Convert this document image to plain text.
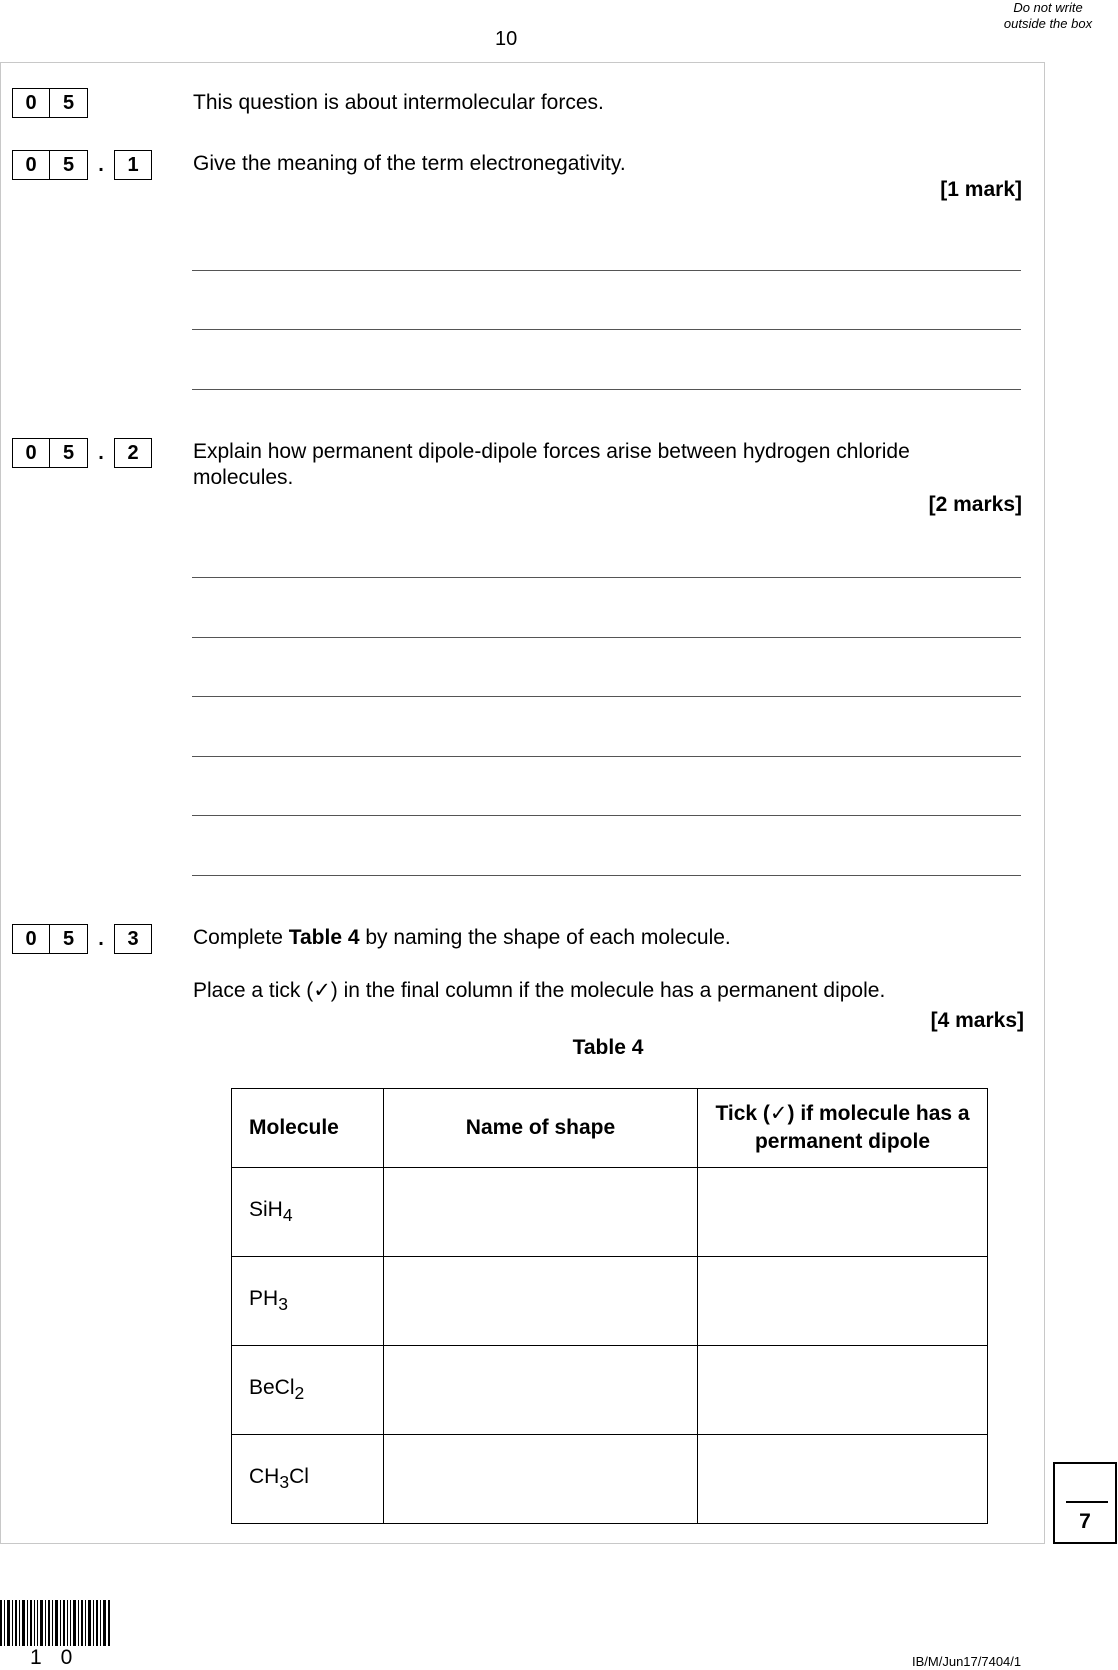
10
Do not write outside the box
0	5	This question is about intermolecular forces.
0	5	.	1	Give the meaning of the term electronegativity.
[1 mark]
0	5	.	2	Explain how permanent dipole-dipole forces arise between hydrogen chloride molecules.
[2 marks]
0	5	.	3	Complete Table 4 by naming the shape of each molecule.
Place a tick (✓) in the final column if the molecule has a permanent dipole.
[4 marks]
Table 4
Molecule	Name of shape	Tick (✓) if molecule has a permanent dipole
SiH$_4$		
$PH_3$		
BeCl$_2$		
$CH_3Cl$		
7
10	IB/M/Jun17/7404/1
